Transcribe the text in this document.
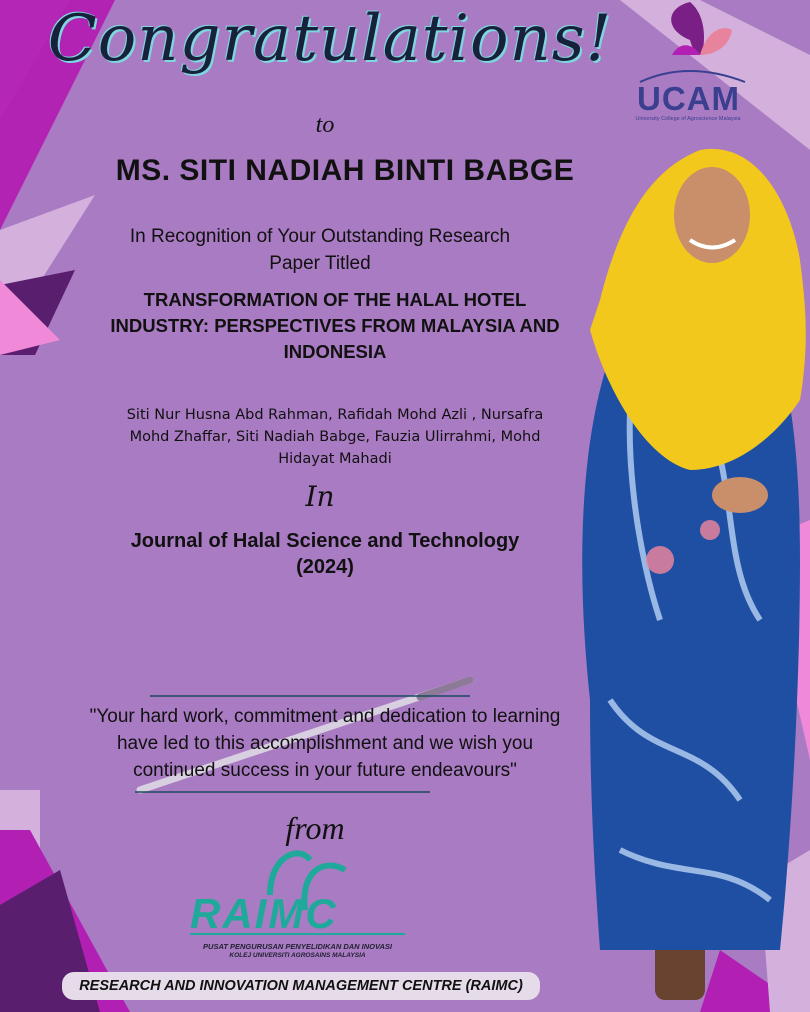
RAIMC
Congratulations!
to
MS. SITI NADIAH BINTI BABGE
In Recognition of Your Outstanding Research
Paper Titled
TRANSFORMATION OF THE HALAL HOTEL
INDUSTRY: PERSPECTIVES FROM MALAYSIA AND
INDONESIA
Siti Nur Husna Abd Rahman, Rafidah Mohd Azli , Nursafra
Mohd Zhaffar, Siti Nadiah Babge, Fauzia Ulirrahmi, Mohd
Hidayat Mahadi
In
Journal of Halal Science and Technology
(2024)
"Your hard work, commitment and dedication to learning
have led to this accomplishment and we wish you
continued success in your future endeavours"
from
UCAM
University College of Agroscience Malaysia
PUSAT PENGURUSAN PENYELIDIKAN DAN INOVASI
KOLEJ UNIVERSITI AGROSAINS MALAYSIA
RESEARCH AND INNOVATION MANAGEMENT CENTRE (RAIMC)
